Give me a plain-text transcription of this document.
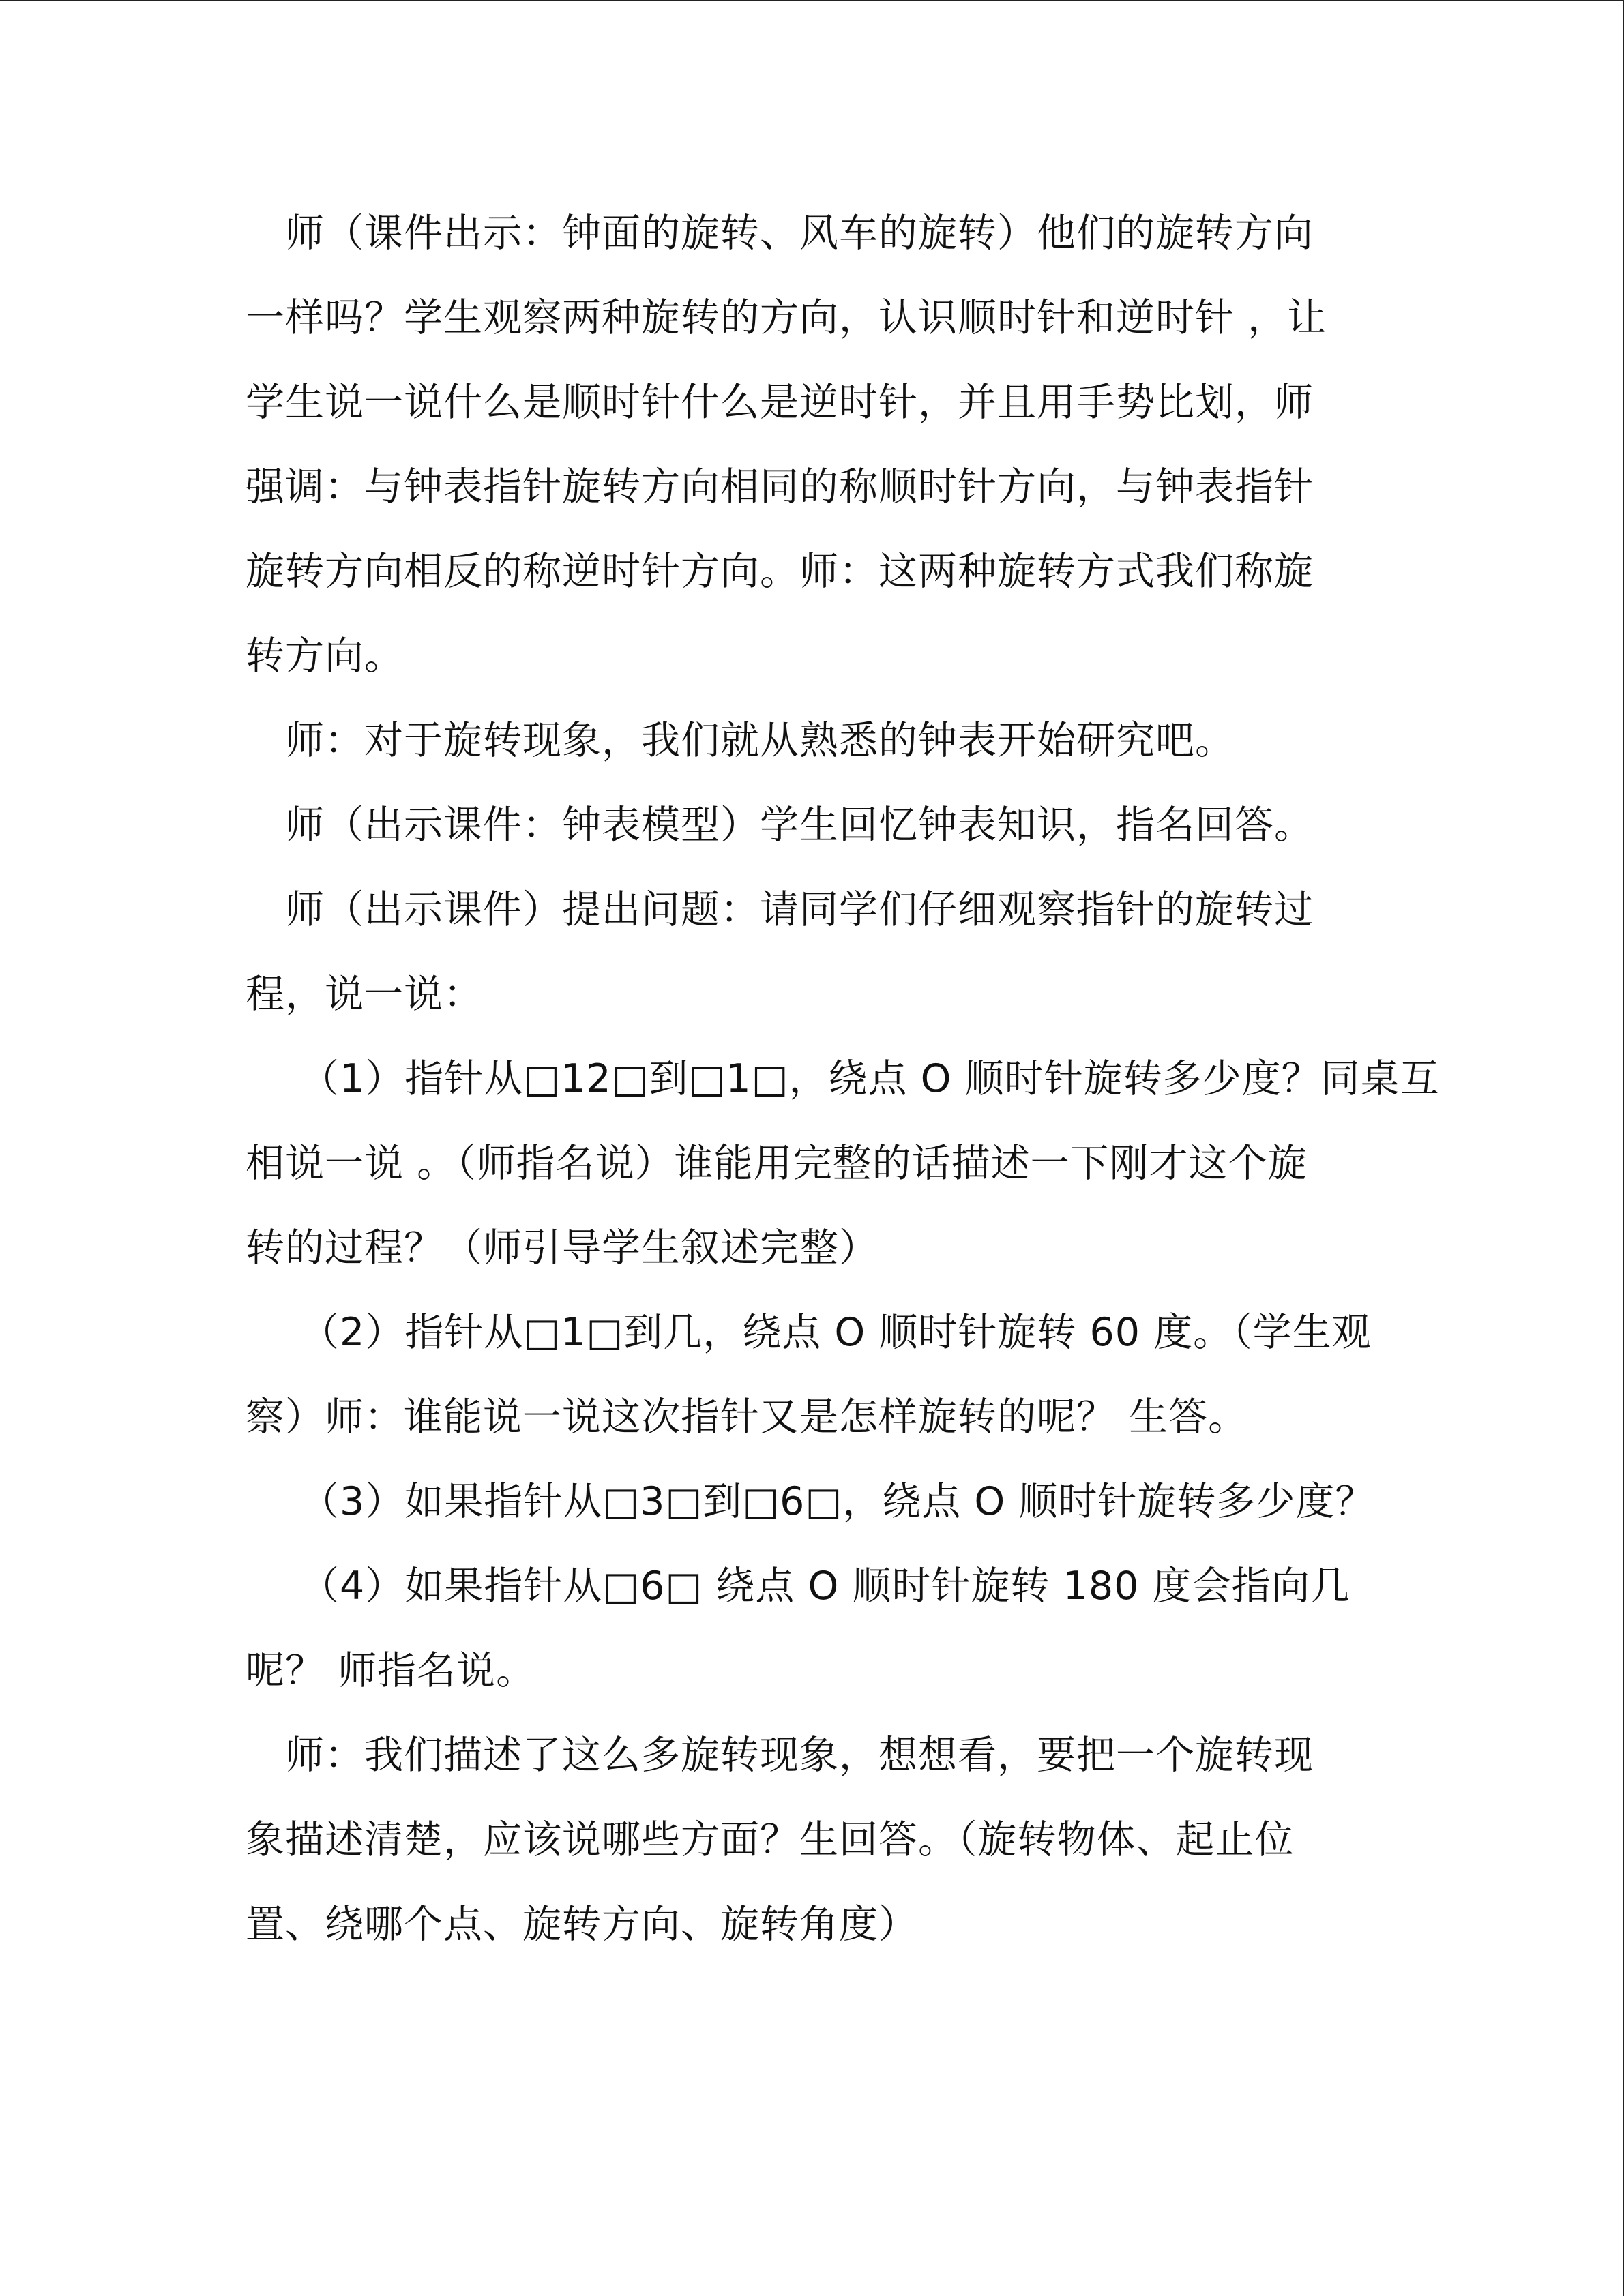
师（课件出示：钟面的旋转、风车的旋转）他们的旋转方向
一样吗？学生观察两种旋转的方向，认识顺时针和逆时针 ，让
学生说一说什么是顺时针什么是逆时针，并且用手势比划，师
强调：与钟表指针旋转方向相同的称顺时针方向，与钟表指针
旋转方向相反的称逆时针方向。师：这两种旋转方式我们称旋
转方向。

师：对于旋转现象，我们就从熟悉的钟表开始研究吧。

师（出示课件：钟表模型）学生回忆钟表知识，指名回答。

师（出示课件）提出问题：请同学们仔细观察指针的旋转过
程，说一说：

（1）指针从□12□到□1□，绕点 O 顺时针旋转多少度？同桌互
相说一说 。（师指名说）谁能用完整的话描述一下刚才这个旋
转的过程？（师引导学生叙述完整）

（2）指针从□1□到几，绕点 O 顺时针旋转 60 度。（学生观
察）师：谁能说一说这次指针又是怎样旋转的呢？ 生答。

（3）如果指针从□3□到□6□，绕点 O 顺时针旋转多少度？

（4）如果指针从□6□ 绕点 O 顺时针旋转 180 度会指向几
呢？ 师指名说。

师：我们描述了这么多旋转现象，想想看，要把一个旋转现
象描述清楚，应该说哪些方面？生回答。（旋转物体、起止位
置、绕哪个点、旋转方向、旋转角度）
